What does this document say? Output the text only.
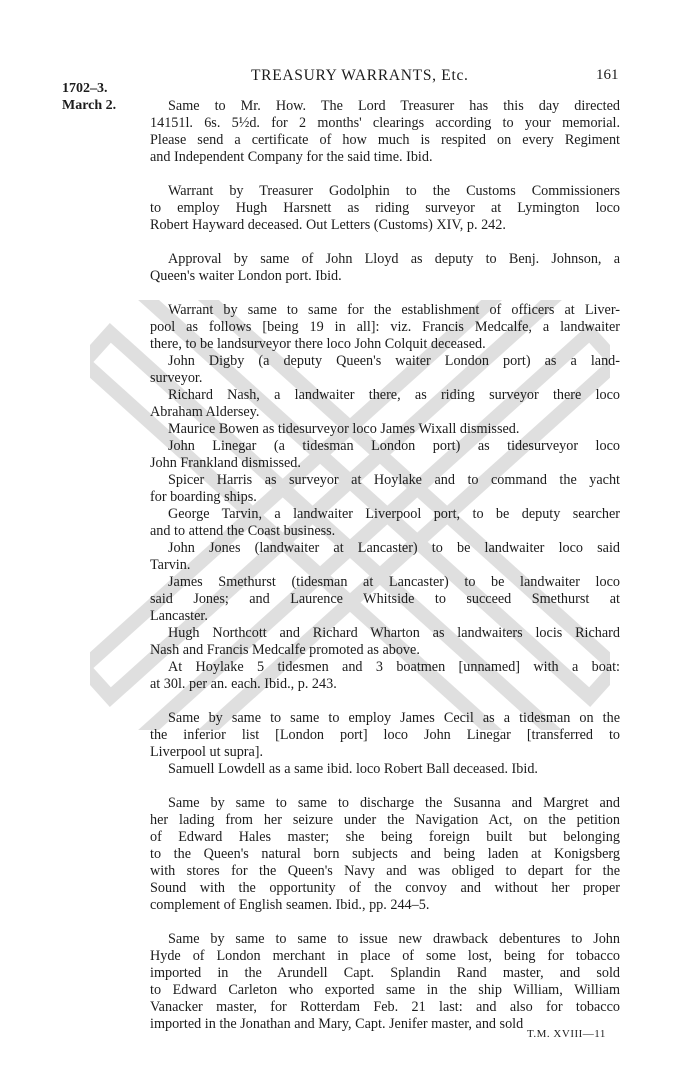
TREASURY WARRANTS, Etc.	161
1702–3.
March 2.	Same to Mr. How. The Lord Treasurer has this day directed
14151l. 6s. 5½d. for 2 months' clearings according to your memorial.
Please send a certificate of how much is respited on every Regiment
and Independent Company for the said time. Ibid.
Warrant by Treasurer Godolphin to the Customs Commissioners
to employ Hugh Harsnett as riding surveyor at Lymington loco
Robert Hayward deceased. Out Letters (Customs) XIV, p. 242.
Approval by same of John Lloyd as deputy to Benj. Johnson, a
Queen's waiter London port. Ibid.
Warrant by same to same for the establishment of officers at Liver-
pool as follows [being 19 in all]: viz. Francis Medcalfe, a landwaiter
there, to be landsurveyor there loco John Colquit deceased.
John Digby (a deputy Queen's waiter London port) as a land-
surveyor.
Richard Nash, a landwaiter there, as riding surveyor there loco
Abraham Aldersey.
Maurice Bowen as tidesurveyor loco James Wixall dismissed.
John Linegar (a tidesman London port) as tidesurveyor loco
John Frankland dismissed.
Spicer Harris as surveyor at Hoylake and to command the yacht
for boarding ships.
George Tarvin, a landwaiter Liverpool port, to be deputy searcher
and to attend the Coast business.
John Jones (landwaiter at Lancaster) to be landwaiter loco said
Tarvin.
James Smethurst (tidesman at Lancaster) to be landwaiter loco
said Jones; and Laurence Whitside to succeed Smethurst at
Lancaster.
Hugh Northcott and Richard Wharton as landwaiters locis Richard
Nash and Francis Medcalfe promoted as above.
At Hoylake 5 tidesmen and 3 boatmen [unnamed] with a boat:
at 30l. per an. each. Ibid., p. 243.
Same by same to same to employ James Cecil as a tidesman on the
the inferior list [London port] loco John Linegar [transferred to
Liverpool ut supra].
Samuell Lowdell as a same ibid. loco Robert Ball deceased. Ibid.
Same by same to same to discharge the Susanna and Margret and
her lading from her seizure under the Navigation Act, on the petition
of Edward Hales master; she being foreign built but belonging
to the Queen's natural born subjects and being laden at Konigsberg
with stores for the Queen's Navy and was obliged to depart for the
Sound with the opportunity of the convoy and without her proper
complement of English seamen. Ibid., pp. 244–5.
Same by same to same to issue new drawback debentures to John
Hyde of London merchant in place of some lost, being for tobacco
imported in the Arundell Capt. Splandin Rand master, and sold
to Edward Carleton who exported same in the ship William, William
Vanacker master, for Rotterdam Feb. 21 last: and also for tobacco
imported in the Jonathan and Mary, Capt. Jenifer master, and sold
T.M. XVIII—11
